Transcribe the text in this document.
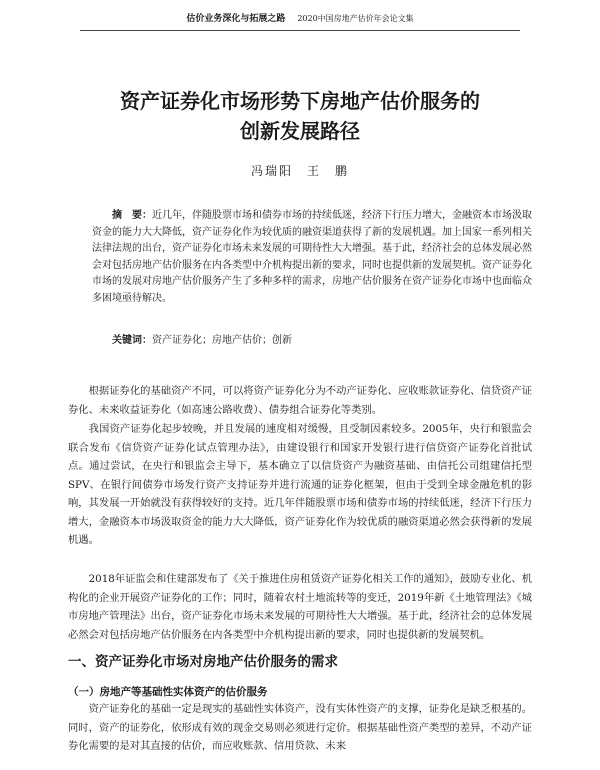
估价业务深化与拓展之路 2020中国房地产估价年会论文集
资产证券化市场形势下房地产估价服务的
创新发展路径
冯瑞阳　王　鹏

摘　要：近几年，伴随股票市场和债券市场的持续低迷，经济下行压力增大，金融资本市场汲取资金的能力大大降低，资产证券化作为较优质的融资渠道获得了新的发展机遇。加上国家一系列相关法律法规的出台，资产证券化市场未来发展的可期待性大大增强。基于此，经济社会的总体发展必然会对包括房地产估价服务在内各类型中介机构提出新的要求，同时也提供新的发展契机。资产证券化市场的发展对房地产估价服务产生了多种多样的需求，房地产估价服务在资产证券化市场中也面临众多困境亟待解决。

关键词：资产证券化；房地产估价；创新

根据证券化的基础资产不同，可以将资产证券化分为不动产证券化、应收账款证券化、信贷资产证券化、未来收益证券化（如高速公路收费）、债券组合证券化等类别。

我国资产证券化起步较晚，并且发展的速度相对缓慢，且受制因素较多。2005年，央行和银监会联合发布《信贷资产证券化试点管理办法》，由建设银行和国家开发银行进行信贷资产证券化首批试点。通过尝试，在央行和银监会主导下，基本确立了以信贷资产为融资基础、由信托公司组建信托型SPV、在银行间债券市场发行资产支持证券并进行流通的证券化框架，但由于受到全球金融危机的影响，其发展一开始就没有获得较好的支持。近几年伴随股票市场和债券市场的持续低迷，经济下行压力增大，金融资本市场汲取资金的能力大大降低，资产证券化作为较优质的融资渠道必然会获得新的发展机遇。

2018年证监会和住建部发布了《关于推进住房租赁资产证券化相关工作的通知》，鼓励专业化、机构化的企业开展资产证券化的工作；同时，随着农村土地流转等的变迁，2019年新《土地管理法》《城市房地产管理法》出台，资产证券化市场未来发展的可期待性大大增强。基于此，经济社会的总体发展必然会对包括房地产估价服务在内各类型中介机构提出新的要求，同时也提供新的发展契机。

一、资产证券化市场对房地产估价服务的需求
（一）房地产等基础性实体资产的估价服务

资产证券化的基础一定是现实的基础性实体资产，没有实体性资产的支撑，证券化是缺乏根基的。同时，资产的证券化，依形成有效的现金交易则必须进行定价。根据基础性资产类型的差异，不动产证券化需要的是对其直接的估价，而应收账款、信用贷款、未来
